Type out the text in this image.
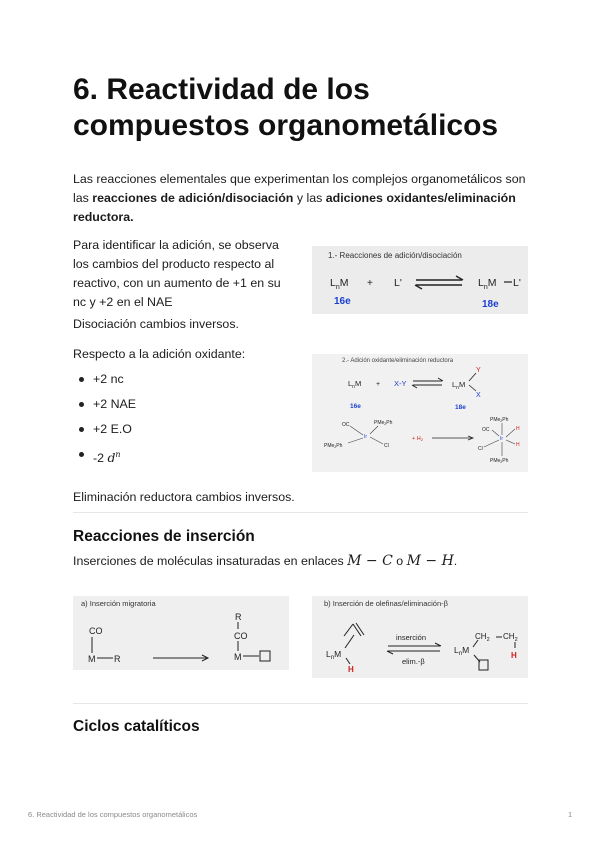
6. Reactividad de los compuestos organometálicos
Las reacciones elementales que experimentan los complejos organometálicos son las reacciones de adición/disociación y las adiciones oxidantes/eliminación reductora.
Para identificar la adición, se observa los cambios del producto respecto al reactivo, con un aumento de +1 en su nc y +2 en el NAE
Disociación cambios inversos.
Respecto a la adición oxidante:
+2 nc
+2 NAE
+2 E.O
-2 $d^n$
Eliminación reductora cambios inversos.
Reacciones de inserción
Inserciones de moléculas insaturadas en enlaces M − C o M − H.
Ciclos catalíticos
1.- Reacciones de adición/disociación
$L_nM + L'$	$L_nM$ L'
16e	18e
2.- Adición oxidante/eliminación reductora
$L_nM + X-Y$	$L_nM$
Y
X
16e	18e
OC	PMe$_2$Ph
PMe$_2$Ph	Cl
Ir	+ H2
PMe$_2$Ph
OC	H
Ir
H
Cl
PMe$_2$Ph
a) Inserción migratoria
CO
M R
R
CO
M
b) Inserción de olefinas/eliminación-β
$L_nM$
H
inserción
elim.-β
$L_nM$
$CH_2$ $CH_2$
H
6. Reactividad de los compuestos organometálicos	1
